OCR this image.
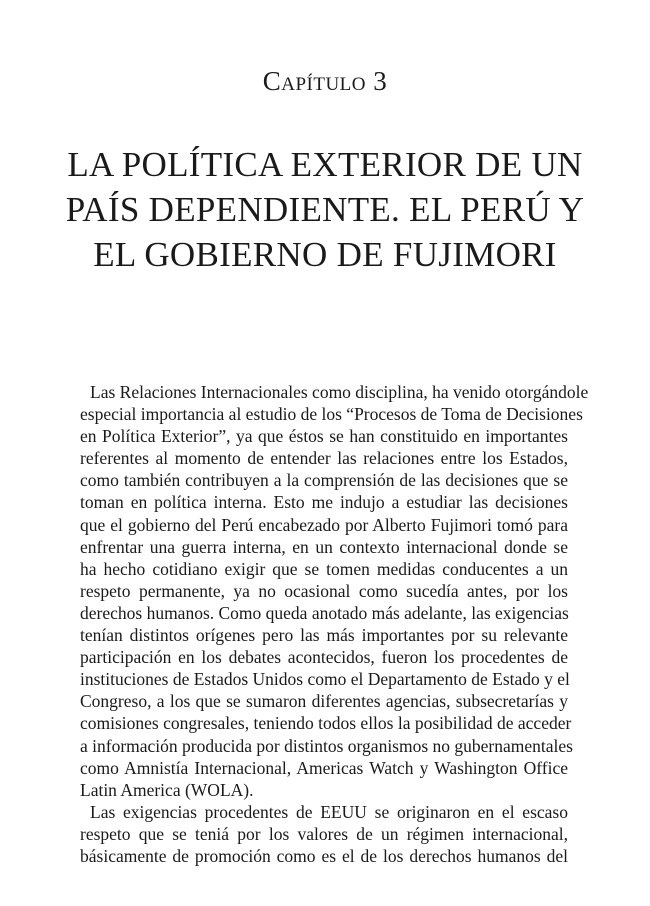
Capítulo 3
LA POLÍTICA EXTERIOR DE UN
PAÍS DEPENDIENTE. EL PERÚ Y
EL GOBIERNO DE FUJIMORI

Las Relaciones Internacionales como disciplina, ha venido otorgándole
especial importancia al estudio de los “Procesos de Toma de Decisiones
en Política Exterior”, ya que éstos se han constituido en importantes
referentes al momento de entender las relaciones entre los Estados,
como también contribuyen a la comprensión de las decisiones que se
toman en política interna. Esto me indujo a estudiar las decisiones
que el gobierno del Perú encabezado por Alberto Fujimori tomó para
enfrentar una guerra interna, en un contexto internacional donde se
ha hecho cotidiano exigir que se tomen medidas conducentes a un
respeto permanente, ya no ocasional como sucedía antes, por los
derechos humanos. Como queda anotado más adelante, las exigencias
tenían distintos orígenes pero las más importantes por su relevante
participación en los debates acontecidos, fueron los procedentes de
instituciones de Estados Unidos como el Departamento de Estado y el
Congreso, a los que se sumaron diferentes agencias, subsecretarías y
comisiones congresales, teniendo todos ellos la posibilidad de acceder
a información producida por distintos organismos no gubernamentales
como Amnistía Internacional, Americas Watch y Washington Office
Latin America (WOLA).

Las exigencias procedentes de EEUU se originaron en el escaso
respeto que se teniá por los valores de un régimen internacional,
básicamente de promoción como es el de los derechos humanos del
